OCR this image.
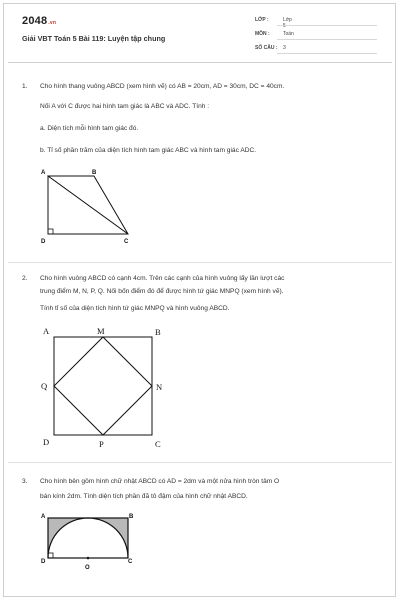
2048.vn
Giải VBT Toán 5 Bài 119: Luyện tập chung
LỚP :	Lớp 5
MÔN :	Toán
SỐ CÂU : 3
1. Cho hình thang vuông ABCD (xem hình vẽ) có AB = 20cm, AD = 30cm, DC = 40cm.
Nối A với C được hai hình tam giác là ABC và ADC. Tính :
a. Diện tích mỗi hình tam giác đó.
b. Tỉ số phần trăm của diện tích hình tam giác ABC và hình tam giác ADC.
A	B
C
D
2. Cho hình vuông ABCD có cạnh 4cm. Trên các cạnh của hình vuông lấy lần lượt các
trung điểm M, N, P, Q. Nối bốn điểm đó để được hình tứ giác MNPQ (xem hình vẽ).
Tính tỉ số của diện tích hình tứ giác MNPQ và hình vuông ABCD.
A	M	B
Q	N
D	P	C
3. Cho hình bên gồm hình chữ nhật ABCD có AD = 2dm và một nửa hình tròn tâm O
bán kính 2dm. Tính diện tích phần đã tô đậm của hình chữ nhật ABCD.
A	B
D	C
O
